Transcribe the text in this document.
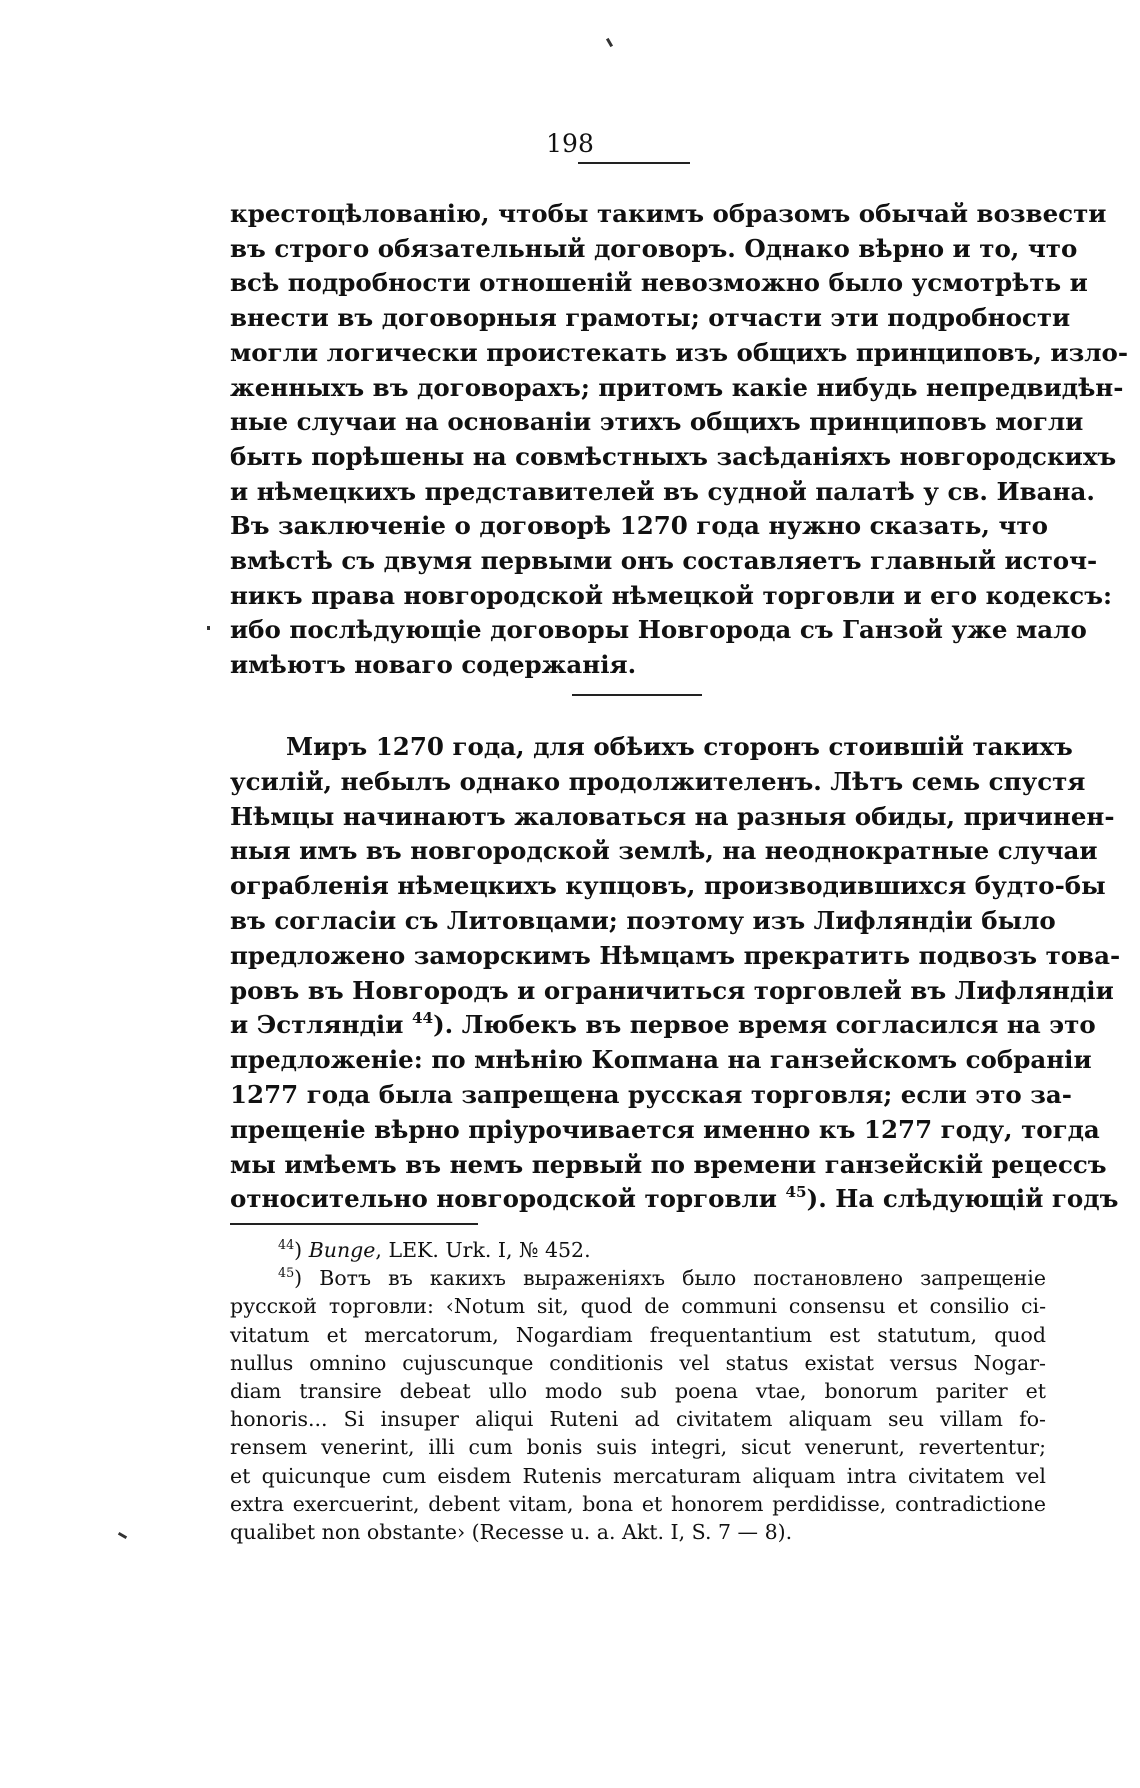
198
крестоцѣлованію, чтобы такимъ образомъ обычай возвести
въ строго обязательный договоръ. Однако вѣрно и то, что
всѣ подробности отношеній невозможно было усмотрѣть и
внести въ договорныя грамоты; отчасти эти подробности
могли логически проистекать изъ общихъ принциповъ, изло-
женныхъ въ договорахъ; притомъ какіе нибудь непредвидѣн-
ные случаи на основаніи этихъ общихъ принциповъ могли
быть порѣшены на совмѣстныхъ засѣданіяхъ новгородскихъ
и нѣмецкихъ представителей въ судной палатѣ у св. Ивана.
Въ заключеніе о договорѣ 1270 года нужно сказать, что
вмѣстѣ съ двумя первыми онъ составляетъ главный источ-
никъ права новгородской нѣмецкой торговли и его кодексъ:
ибо послѣдующіе договоры Новгорода съ Ганзой уже мало
имѣютъ новаго содержанія.
Миръ 1270 года, для обѣихъ сторонъ стоившій такихъ
усилій, небылъ однако продолжителенъ. Лѣтъ семь спустя
Нѣмцы начинаютъ жаловаться на разныя обиды, причинен-
ныя имъ въ новгородской землѣ, на неоднократные случаи
ограбленія нѣмецкихъ купцовъ, производившихся будто-бы
въ согласіи съ Литовцами; поэтому изъ Лифляндіи было
предложено заморскимъ Нѣмцамъ прекратить подвозъ това-
ровъ въ Новгородъ и ограничиться торговлей въ Лифляндіи
и Эстляндіи $^{44}$). Любекъ въ первое время согласился на это
предложеніе: по мнѣнію Копмана на ганзейскомъ собраніи
1277 года была запрещена русская торговля; если это за-
прещеніе вѣрно пріурочивается именно къ 1277 году, тогда
мы имѣемъ въ немъ первый по времени ганзейскій рецессъ
относительно новгородской торговли $^{45}$). На слѣдующій годъ
$^{44}$) Bunge, LEK. Urk. I, № 452.
$^{45}$) Вотъ въ какихъ выраженіяхъ было постановлено запрещеніе
русской торговли: ‹Notum sit, quod de communi consensu et consilio ci-
vitatum et mercatorum, Nogardiam frequentantium est statutum, quod
nullus omnino cujuscunque conditionis vel status existat versus Nogar-
diam transire debeat ullo modo sub poena vtae, bonorum pariter et
honoris... Si insuper aliqui Ruteni ad civitatem aliquam seu villam fo-
rensem venerint, illi cum bonis suis integri, sicut venerunt, revertentur;
et quicunque cum eisdem Rutenis mercaturam aliquam intra civitatem vel
extra exercuerint, debent vitam, bona et honorem perdidisse, contradictione
qualibet non obstante› (Recesse u. a. Akt. I, S. 7 — 8).
